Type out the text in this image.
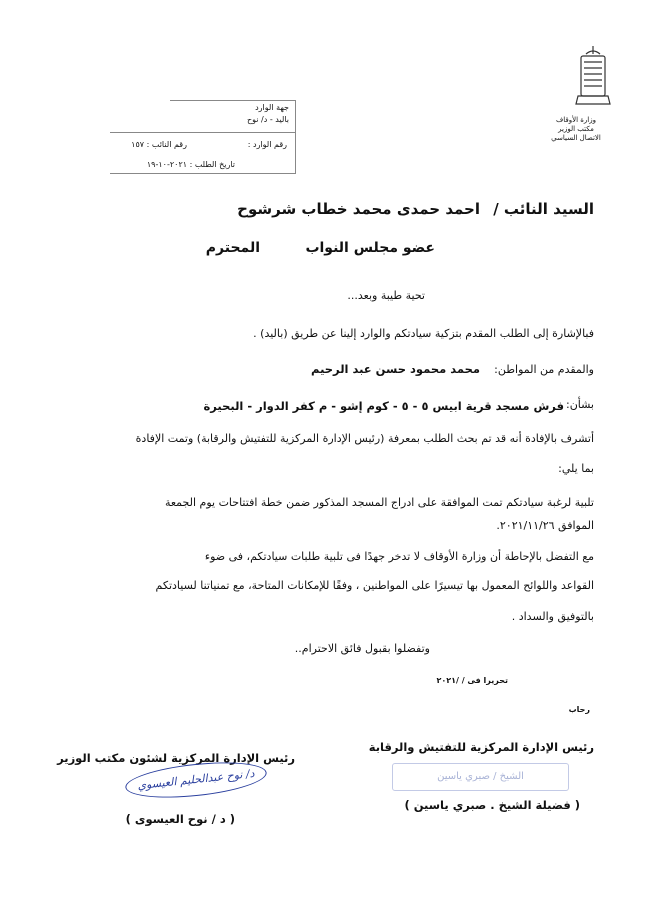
وزارة الأوقاف
مكتب الوزير
الاتصال السياسي
جهة الوارد
باليد - د/ نوح
رقم الوارد :
رقم النائب : ١٥٧
تاريخ الطلب : ٢٠٢١-١٠-١٩
السيد النائب /
احمد حمدى محمد خطاب شرشوح
عضو مجلس النواب
المحترم
تحية طيبة وبعد...
فبالإشارة إلى الطلب المقدم بتزكية سيادتكم والوارد إلينا عن طريق (باليد) .
والمقدم من المواطن:
محمد محمود حسن عبد الرحيم
بشأن:
فرش مسجد قرية ابيس ٥ - ٥ - كوم إشو - م كفر الدوار - البحيرة
أتشرف بالإفادة أنه قد تم بحث الطلب بمعرفة (رئيس الإدارة المركزية للتفتيش والرقابة) وتمت الإفادة
بما يلي:
تلبية لرغبة سيادتكم تمت الموافقة على ادراج المسجد المذكور ضمن خطة افتتاحات يوم الجمعة
الموافق ٢٠٢١/١١/٢٦.
مع التفضل بالإحاطة أن وزارة الأوقاف لا تدخر جهدًا فى تلبية طلبات سيادتكم، فى ضوء
القواعد واللوائح المعمول بها تيسيرًا على المواطنين ، وفقًا للإمكانات المتاحة، مع تمنياتنا لسيادتكم
بالتوفيق والسداد .
وتفضلوا بقبول فائق الاحترام..
تحريرا فى / /٢٠٢١
رحاب
رئيس الإدارة المركزية للتفتيش والرقابة
الشيخ / صبري ياسين
( فضيلة الشيخ . صبري ياسين )
رئيس الإدارة المركزية لشئون مكتب الوزير
د/ نوح عبدالحليم العيسوي
( د / نوح العيسوى )
